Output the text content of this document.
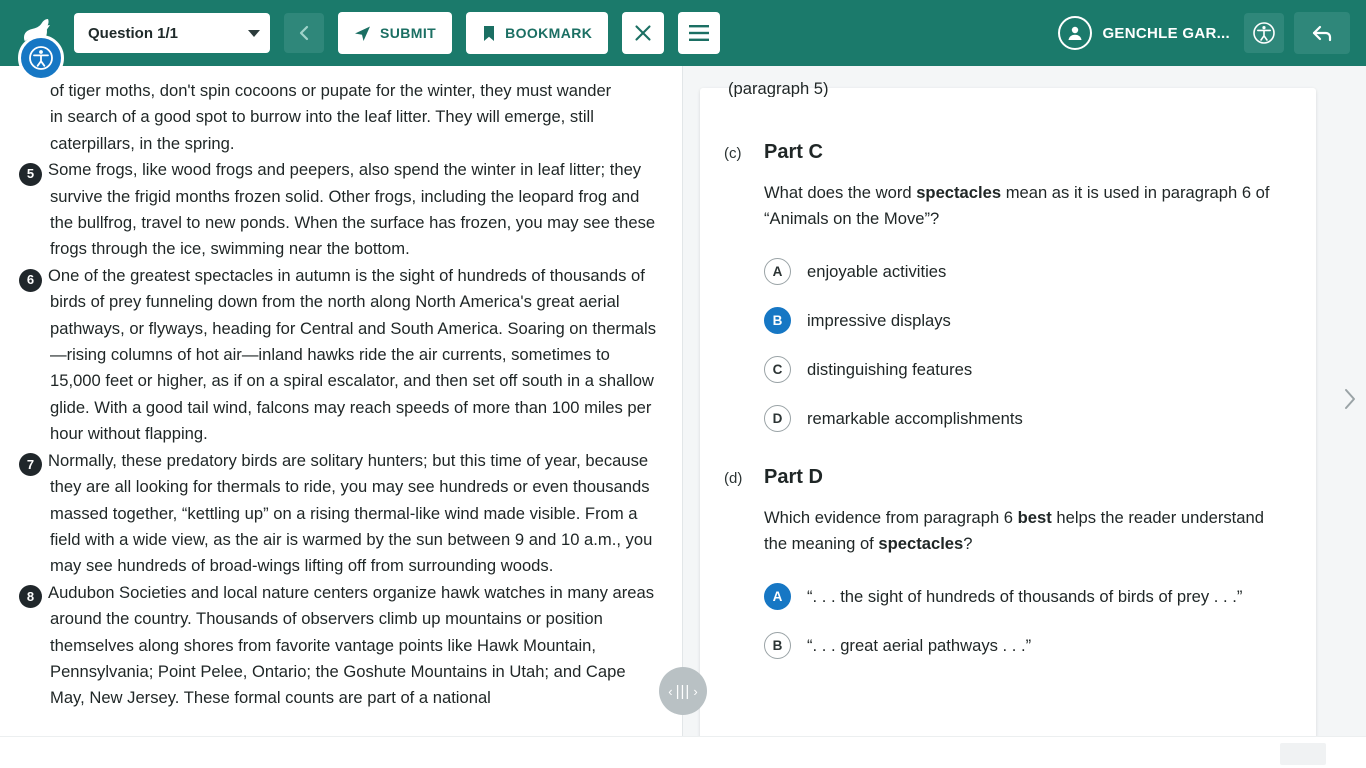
Question 1/1	SUBMIT	BOOKMARK	GENCHLE GAR...

of tiger moths, don't spin cocoons or pupate for the winter, they must wander

in search of a good spot to burrow into the leaf litter. They will emerge, still caterpillars, in the spring.

5 Some frogs, like wood frogs and peepers, also spend the winter in leaf litter; they survive the frigid months frozen solid. Other frogs, including the leopard frog and the bullfrog, travel to new ponds. When the surface has frozen, you may see these frogs through the ice, swimming near the bottom.

6 One of the greatest spectacles in autumn is the sight of hundreds of thousands of birds of prey funneling down from the north along North America's great aerial pathways, or flyways, heading for Central and South America. Soaring on thermals—rising columns of hot air—inland hawks ride the air currents, sometimes to 15,000 feet or higher, as if on a spiral escalator, and then set off south in a shallow glide. With a good tail wind, falcons may reach speeds of more than 100 miles per hour without flapping.

7 Normally, these predatory birds are solitary hunters; but this time of year, because they are all looking for thermals to ride, you may see hundreds or even thousands massed together, “kettling up” on a rising thermal-like wind made visible. From a field with a wide view, as the air is warmed by the sun between 9 and 10 a.m., you may see hundreds of broad-wings lifting off from surrounding woods.

8 Audubon Societies and local nature centers organize hawk watches in many areas around the country. Thousands of observers climb up mountains or position themselves along shores from favorite vantage points like Hawk Mountain, Pennsylvania; Point Pelee, Ontario; the Goshute Mountains in Utah; and Cape May, New Jersey. These formal counts are part of a national

(paragraph 5)
(c) Part C
What does the word spectacles mean as it is used in paragraph 6 of “Animals on the Move”?
A	enjoyable activities
B	impressive displays
C	distinguishing features
D	remarkable accomplishments
(d) Part D
Which evidence from paragraph 6 best helps the reader understand the meaning of spectacles?
A	“. . . the sight of hundreds of thousands of birds of prey . . .”
B	“. . . great aerial pathways . . .”
‹ ||| ›
